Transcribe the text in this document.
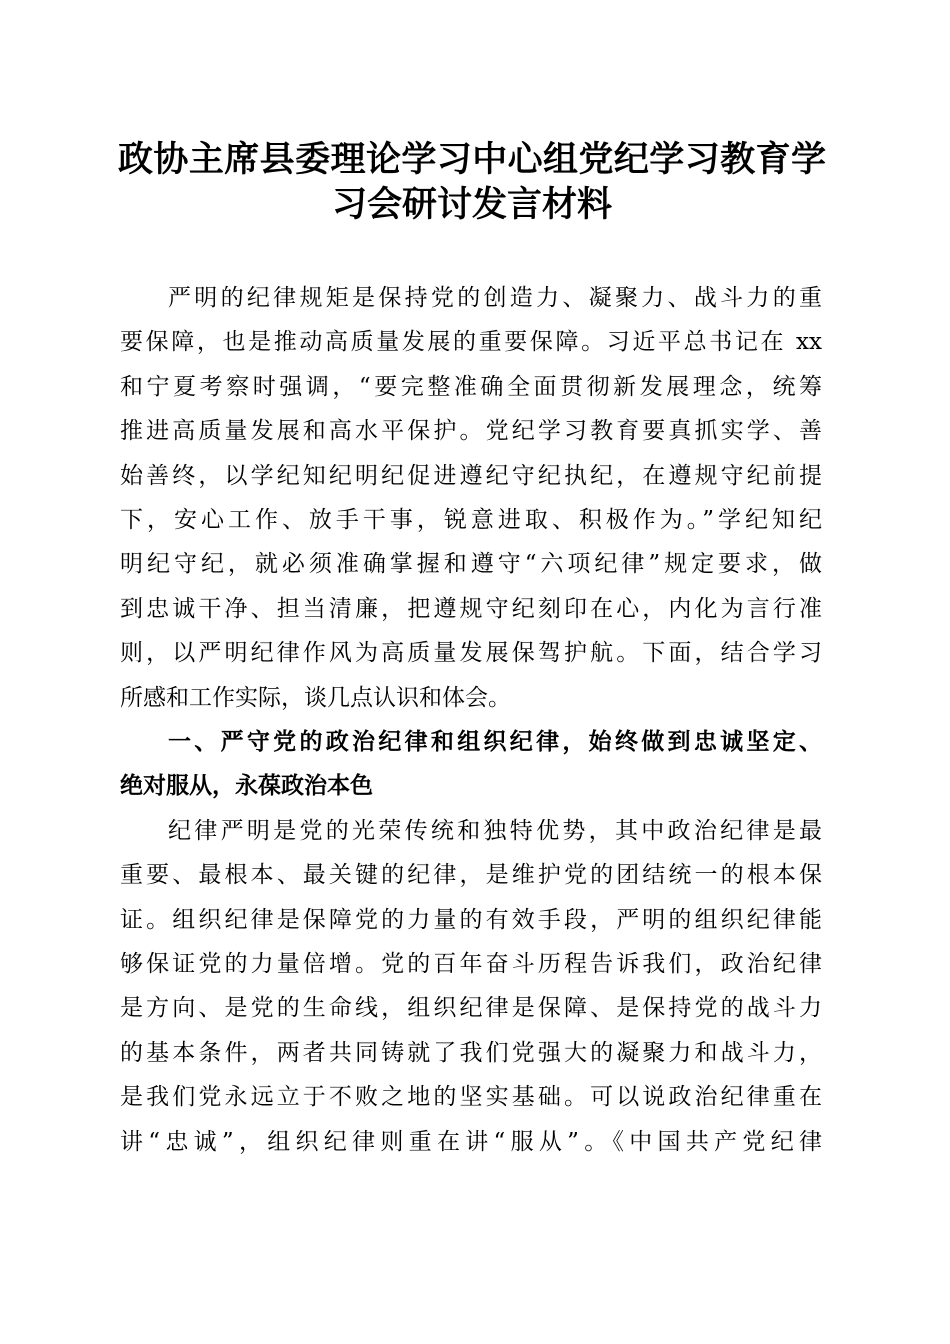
政协主席县委理论学习中心组党纪学习教育学
习会研讨发言材料
严明的纪律规矩是保持党的创造力、凝聚力、战斗力的重
要保障，也是推动高质量发展的重要保障。习近平总书记在 xx
和宁夏考察时强调，“要完整准确全面贯彻新发展理念，统筹
推进高质量发展和高水平保护。党纪学习教育要真抓实学、善
始善终，以学纪知纪明纪促进遵纪守纪执纪，在遵规守纪前提
下，安心工作、放手干事，锐意进取、积极作为。”学纪知纪
明纪守纪，就必须准确掌握和遵守“六项纪律”规定要求，做
到忠诚干净、担当清廉，把遵规守纪刻印在心，内化为言行准
则，以严明纪律作风为高质量发展保驾护航。下面，结合学习
所感和工作实际，谈几点认识和体会。
一、严守党的政治纪律和组织纪律，始终做到忠诚坚定、
绝对服从，永葆政治本色
纪律严明是党的光荣传统和独特优势，其中政治纪律是最
重要、最根本、最关键的纪律，是维护党的团结统一的根本保
证。组织纪律是保障党的力量的有效手段，严明的组织纪律能
够保证党的力量倍增。党的百年奋斗历程告诉我们，政治纪律
是方向、是党的生命线，组织纪律是保障、是保持党的战斗力
的基本条件，两者共同铸就了我们党强大的凝聚力和战斗力，
是我们党永远立于不败之地的坚实基础。可以说政治纪律重在
讲“忠诚”，组织纪律则重在讲“服从”。《中国共产党纪律
